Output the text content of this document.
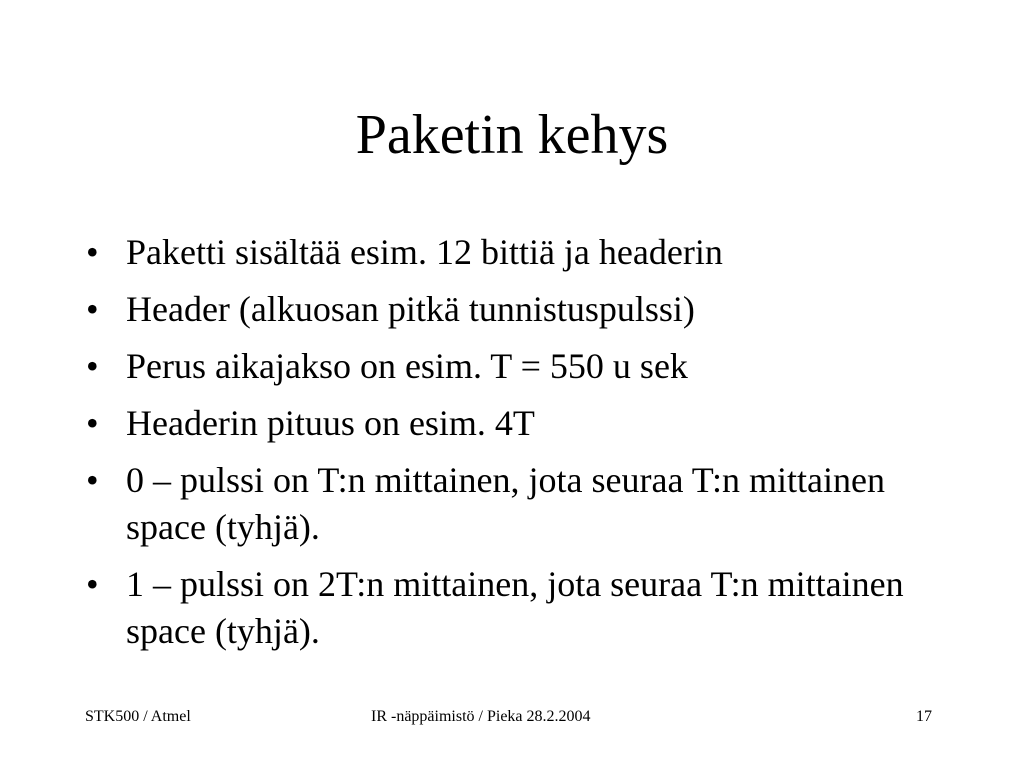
Paketin kehys
• Paketti sisältää esim. 12 bittiä ja headerin
• Header (alkuosan pitkä tunnistuspulssi)
• Perus aikajakso on esim. T = 550 u sek
• Headerin pituus on esim. 4T
• 0 – pulssi on T:n mittainen, jota seuraa T:n mittainen space (tyhjä).
• 1 – pulssi on 2T:n mittainen, jota seuraa T:n mittainen space (tyhjä).
STK500 / Atmel	IR -näppäimistö / Pieka 28.2.2004	17
